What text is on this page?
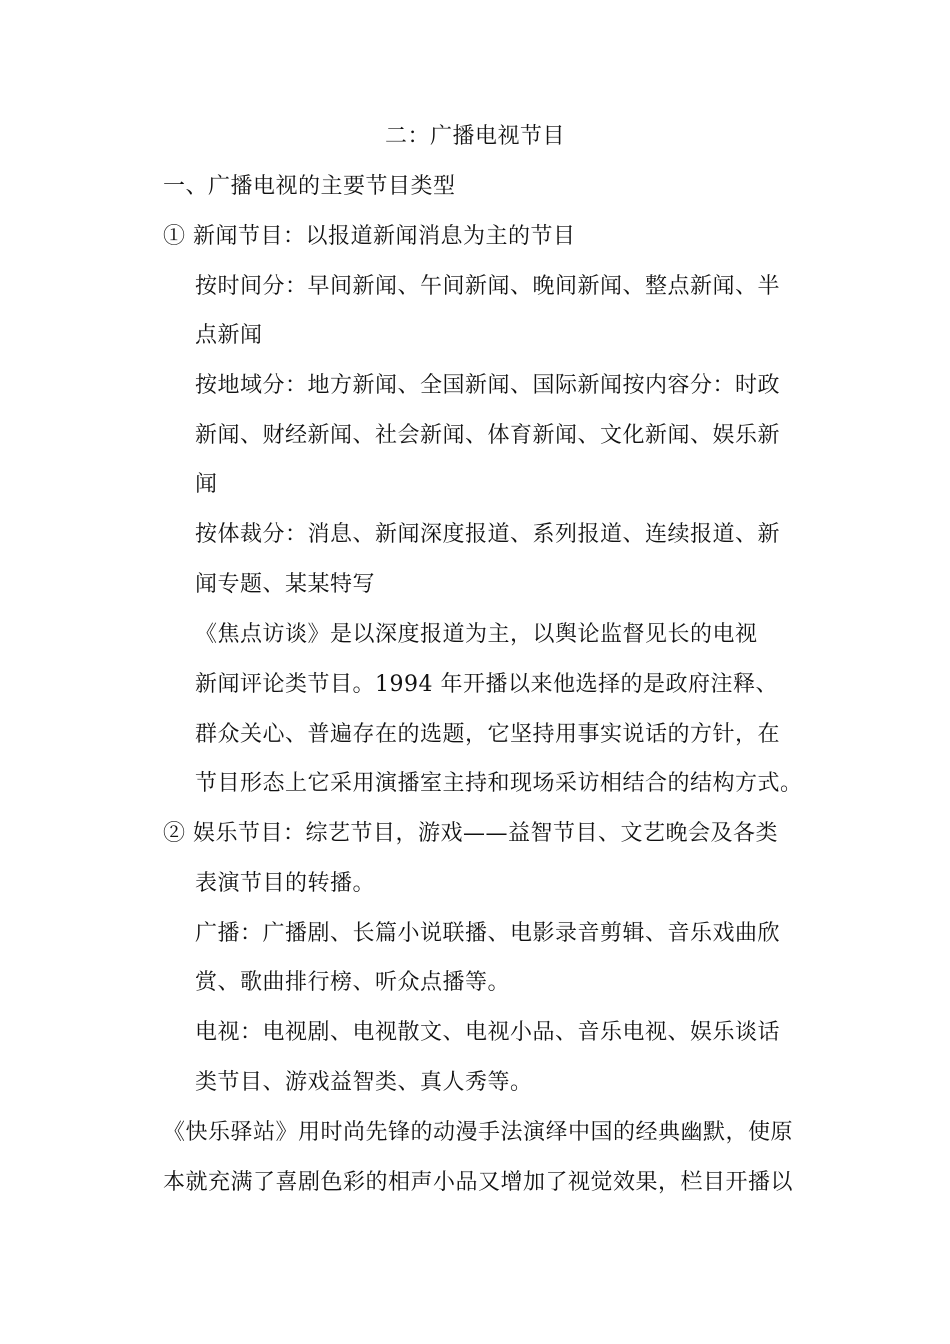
二：广播电视节目
一、广播电视的主要节目类型
① 新闻节目：以报道新闻消息为主的节目
按时间分：早间新闻、午间新闻、晚间新闻、整点新闻、半
点新闻
按地域分：地方新闻、全国新闻、国际新闻按内容分：时政
新闻、财经新闻、社会新闻、体育新闻、文化新闻、娱乐新
闻
按体裁分：消息、新闻深度报道、系列报道、连续报道、新
闻专题、某某特写
《焦点访谈》是以深度报道为主，以舆论监督见长的电视
新闻评论类节目。1994 年开播以来他选择的是政府注释、
群众关心、普遍存在的选题，它坚持用事实说话的方针，在
节目形态上它采用演播室主持和现场采访相结合的结构方式。
② 娱乐节目：综艺节目，游戏——益智节目、文艺晚会及各类
表演节目的转播。
广播：广播剧、长篇小说联播、电影录音剪辑、音乐戏曲欣
赏、歌曲排行榜、听众点播等。
电视：电视剧、电视散文、电视小品、音乐电视、娱乐谈话
类节目、游戏益智类、真人秀等。
《快乐驿站》用时尚先锋的动漫手法演绎中国的经典幽默，使原
本就充满了喜剧色彩的相声小品又增加了视觉效果，栏目开播以
